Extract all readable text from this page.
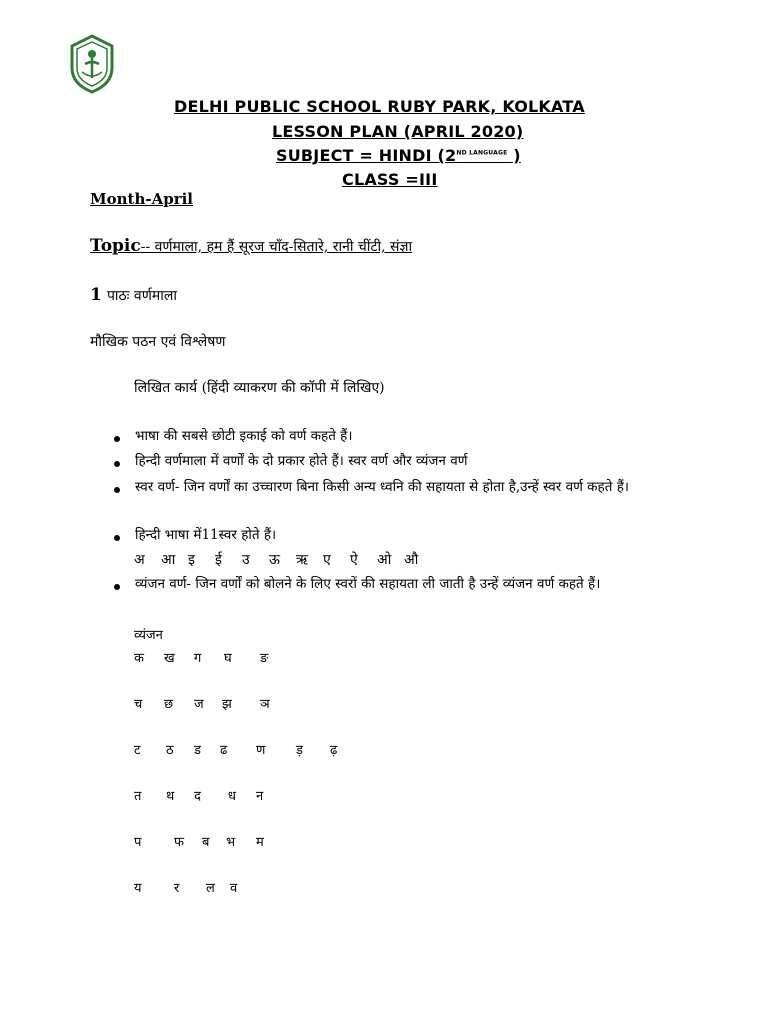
DELHI PUBLIC SCHOOL RUBY PARK, KOLKATA
LESSON PLAN (APRIL 2020)
SUBJECT = HINDI ($2^{ND LANGUAGE}$ )
CLASS =III
Month-April
Topic-- वर्णमाला, हम हैं सूरज चाँद-सितारे, रानी चींटी, संज्ञा
1 पाठः वर्णमाला
मौखिक पठन एवं विश्लेषण
लिखित कार्य (हिंदी व्याकरण की कॉपी में लिखिए)
भाषा की सबसे छोटी इकाई को वर्ण कहते हैं।
हिन्दी वर्णमाला में वर्णों के दो प्रकार होते हैं। स्वर वर्ण और व्यंजन वर्ण
स्वर वर्ण- जिन वर्णों का उच्चारण बिना किसी अन्य ध्वनि की सहायता से होता है,उन्हें स्वर वर्ण कहते हैं।
हिन्दी भाषा में11स्वर होते हैं।
अ आ इ ई उ ऊ ऋ ए ऐ ओ औ
व्यंजन वर्ण- जिन वर्णों को बोलने के लिए स्वरों की सहायता ली जाती है उन्हें व्यंजन वर्ण कहते हैं।
व्यंजन
क ख ग घ ङ
च छ ज झ ञ
ट ठ ड ढ ण ड़ ढ़
त थ द ध न
प	फ ब भ म
य र ल व
